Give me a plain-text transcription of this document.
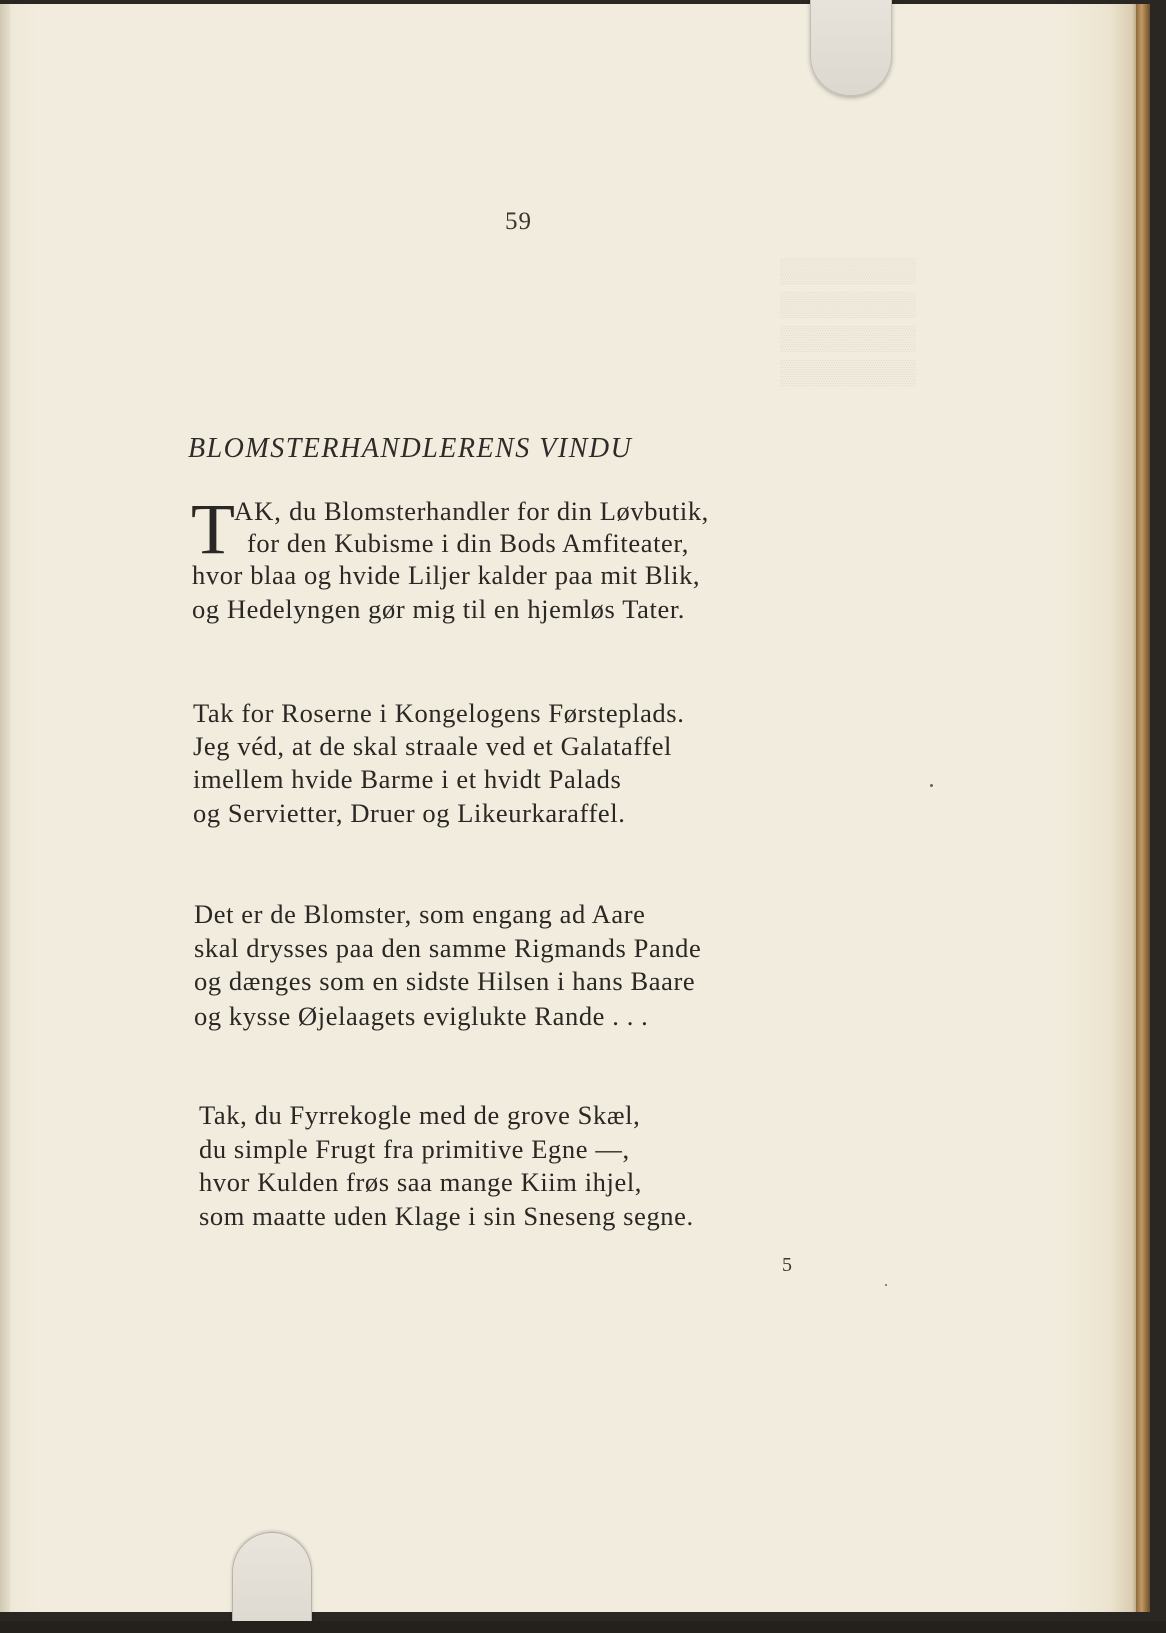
▒▒▒▒▒▒▒▒
▒▒▒▒▒▒▒▒
▒▒▒▒▒▒▒▒
▒▒▒▒▒▒▒▒
59
BLOMSTERHANDLERENS VINDU
T AK, du Blomsterhandler for din Løvbutik,
for den Kubisme i din Bods Amfiteater,
hvor blaa og hvide Liljer kalder paa mit Blik,
og Hedelyngen gør mig til en hjemløs Tater.
Tak for Roserne i Kongelogens Førsteplads.
Jeg véd, at de skal straale ved et Galataffel
imellem hvide Barme i et hvidt Palads
og Servietter, Druer og Likeurkaraffel.
Det er de Blomster, som engang ad Aare
skal drysses paa den samme Rigmands Pande
og dænges som en sidste Hilsen i hans Baare
og kysse Øjelaagets eviglukte Rande . . .
Tak, du Fyrrekogle med de grove Skæl,
du simple Frugt fra primitive Egne —,
hvor Kulden frøs saa mange Kiim ihjel,
som maatte uden Klage i sin Sneseng segne.
5
